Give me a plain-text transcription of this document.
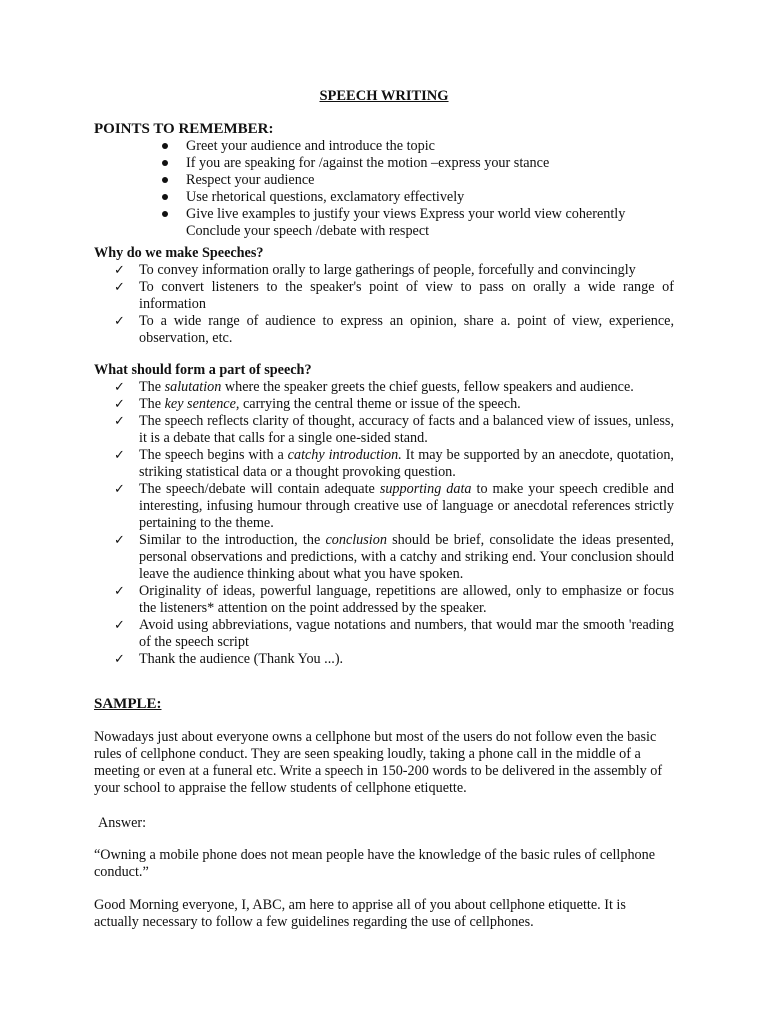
SPEECH WRITING
POINTS TO REMEMBER:
Greet your audience and introduce the topic
If you are speaking for /against the motion –express your stance
Respect your audience
Use rhetorical questions, exclamatory effectively
Give live examples to justify your views Express your world view coherently
Conclude your speech /debate with respect
Why do we make Speeches?
✓ To convey information orally to large gatherings of people, forcefully and convincingly
✓ To convert listeners to the speaker's point of view to pass on orally a wide range of information
✓ To a wide range of audience to express an opinion, share a. point of view, experience, observation, etc.
What should form a part of speech?
✓ The salutation where the speaker greets the chief guests, fellow speakers and audience.
✓ The key sentence, carrying the central theme or issue of the speech.
✓ The speech reflects clarity of thought, accuracy of facts and a balanced view of issues, unless, it is a debate that calls for a single one-sided stand.
✓ The speech begins with a catchy introduction. It may be supported by an anecdote, quotation, striking statistical data or a thought provoking question.
✓ The speech/debate will contain adequate supporting data to make your speech credible and interesting, infusing humour through creative use of language or anecdotal references strictly pertaining to the theme.
✓ Similar to the introduction, the conclusion should be brief, consolidate the ideas presented, personal observations and predictions, with a catchy and striking end. Your conclusion should leave the audience thinking about what you have spoken.
✓ Originality of ideas, powerful language, repetitions are allowed, only to emphasize or focus the listeners* attention on the point addressed by the speaker.
✓ Avoid using abbreviations, vague notations and numbers, that would mar the smooth 'reading of the speech script
✓ Thank the audience (Thank You ...).
SAMPLE:
Nowadays just about everyone owns a cellphone but most of the users do not follow even the basic rules of cellphone conduct. They are seen speaking loudly, taking a phone call in the middle of a meeting or even at a funeral etc. Write a speech in 150-200 words to be delivered in the assembly of your school to appraise the fellow students of cellphone etiquette.
Answer:
“Owning a mobile phone does not mean people have the knowledge of the basic rules of cellphone conduct.”
Good Morning everyone, I, ABC, am here to apprise all of you about cellphone etiquette. It is actually necessary to follow a few guidelines regarding the use of cellphones.
